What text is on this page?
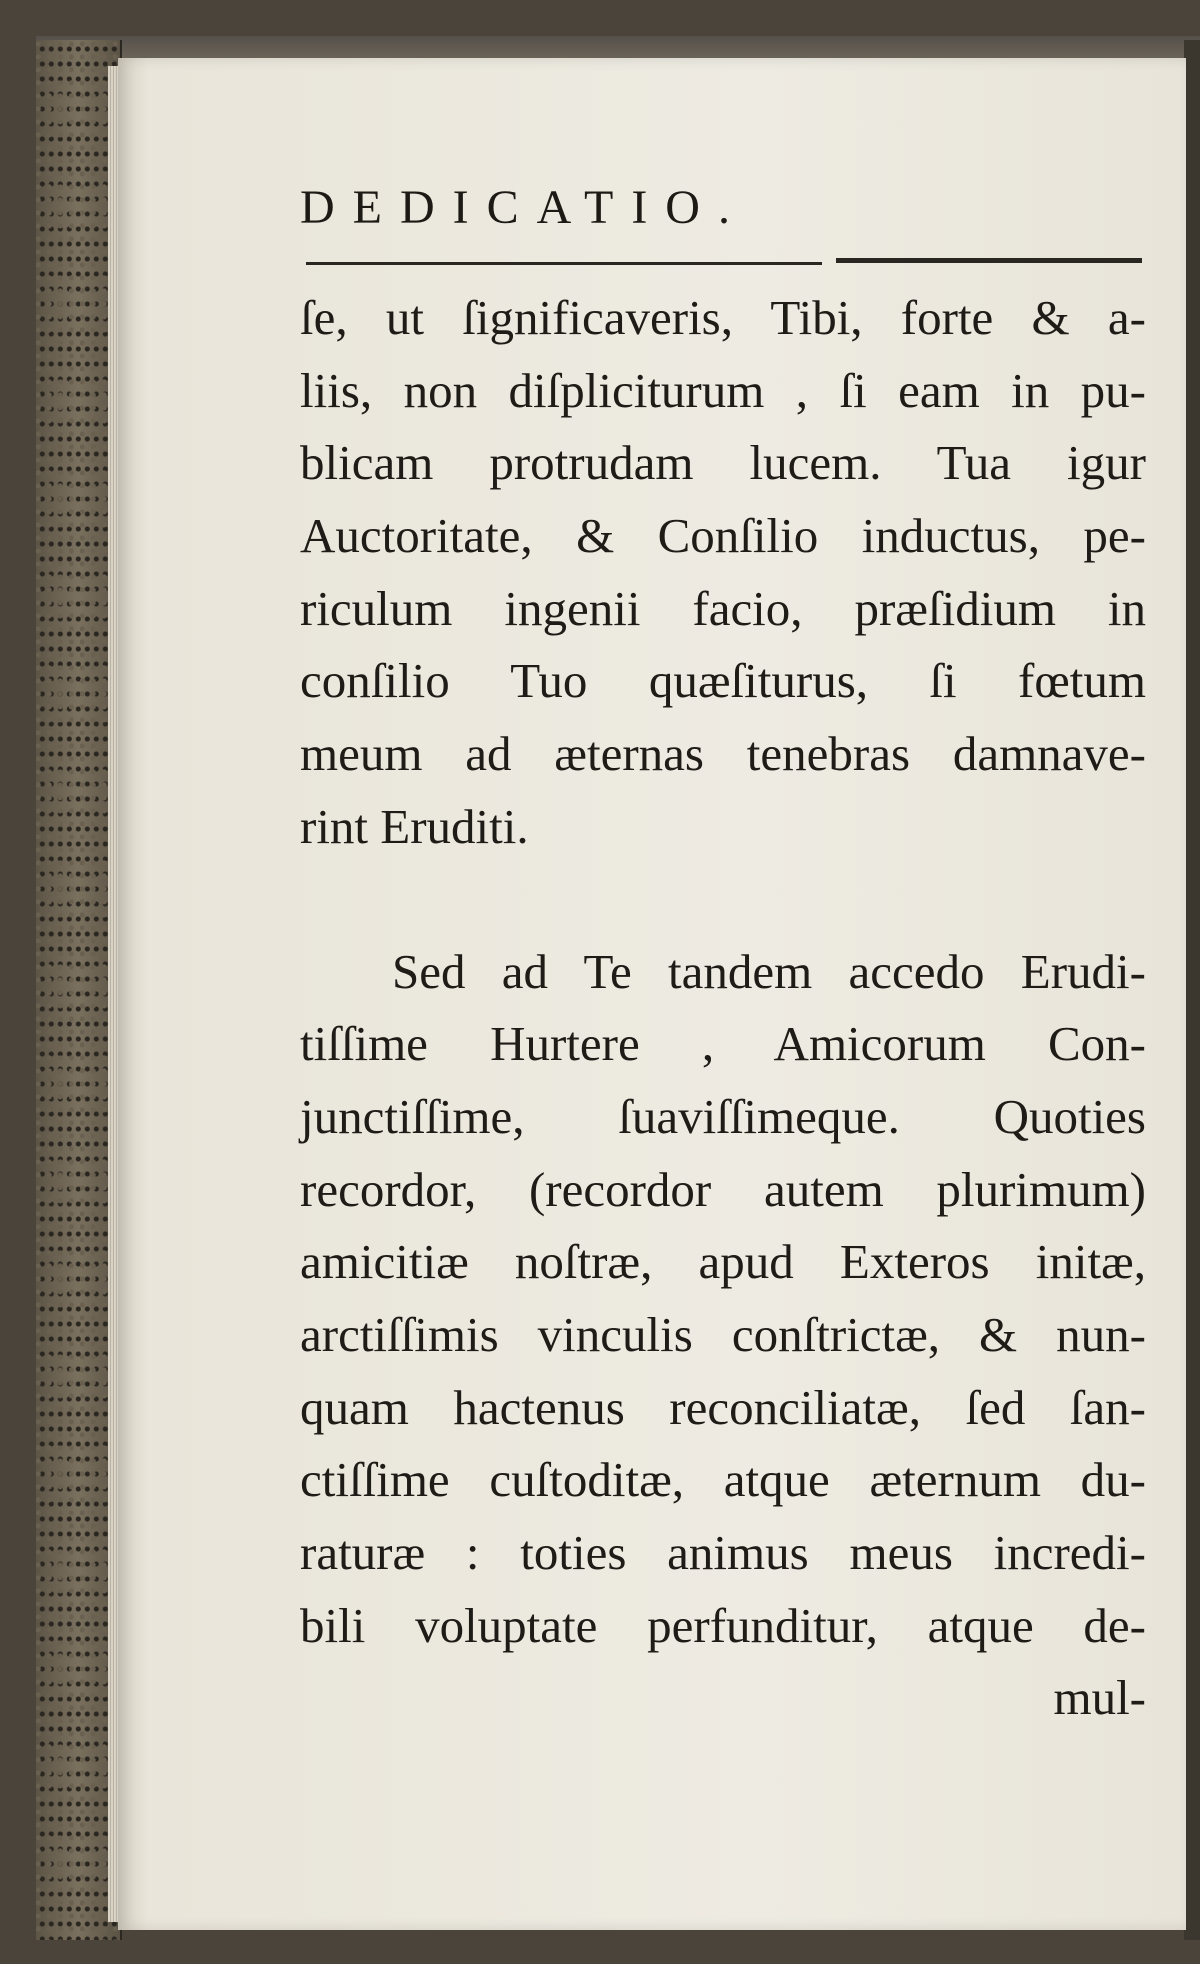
DEDICATIO.
ſe, ut ſignificaveris, Tibi, forte & a-
liis, non diſpliciturum , ſi eam in pu-
blicam protrudam lucem. Tua igur
Auctoritate, & Conſilio inductus, pe-
riculum ingenii facio, præſidium in
conſilio Tuo quæſiturus, ſi fœtum
meum ad æternas tenebras damnave-
rint Eruditi.
Sed ad Te tandem accedo Erudi-
tiſſime Hurtere , Amicorum Con-
junctiſſime, ſuaviſſimeque. Quoties
recordor, (recordor autem plurimum)
amicitiæ noſtræ, apud Exteros initæ,
arctiſſimis vinculis conſtrictæ, & nun-
quam hactenus reconciliatæ, ſed ſan-
ctiſſime cuſtoditæ, atque æternum du-
raturæ : toties animus meus incredi-
bili voluptate perfunditur, atque de-
mul-
